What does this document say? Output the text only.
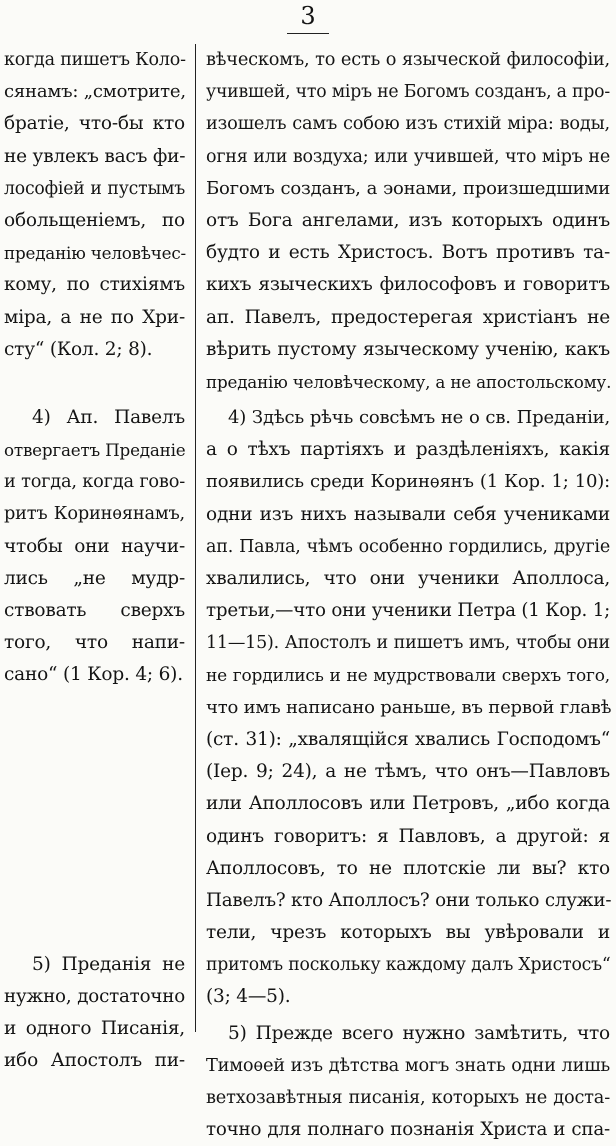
3
когда пишетъ Коло-
сянамъ: „смотрите,
братіе, что-бы кто
не увлекъ васъ фи-
лософіей и пустымъ
обольщеніемъ, по
преданію человѣчес-
кому, по стихіямъ
міра, а не по Хри-
сту“ (Кол. 2; 8).
4) Ап. Павелъ
отвергаетъ Преданіе
и тогда, когда гово-
ритъ Коринѳянамъ,
чтобы они научи-
лись „не мудр-
ствовать сверхъ
того, что напи-
сано“ (1 Кор. 4; 6).
5) Преданія не
нужно, достаточно
и одного Писанія,
ибо Апостолъ пи-
вѣческомъ, то есть о языческой философіи,
учившей, что міръ не Богомъ созданъ, а про-
изошелъ самъ собою изъ стихій міра: воды,
огня или воздуха; или учившей, что міръ не
Богомъ созданъ, а эонами, произшедшими
отъ Бога ангелами, изъ которыхъ одинъ
будто и есть Христосъ. Вотъ противъ та-
кихъ языческихъ философовъ и говоритъ
ап. Павелъ, предостерегая христіанъ не
вѣрить пустому языческому ученію, какъ
преданію человѣческому, а не апостольскому.
4) Здѣсь рѣчь совсѣмъ не о св. Преданіи,
а о тѣхъ партіяхъ и раздѣленіяхъ, какія
появились среди Коринѳянъ (1 Кор. 1; 10):
одни изъ нихъ называли себя учениками
ап. Павла, чѣмъ особенно гордились, другіе
хвалились, что они ученики Аполлоса,
третьи,—что они ученики Петра (1 Кор. 1;
11—15). Апостолъ и пишетъ имъ, чтобы они
не гордились и не мудрствовали сверхъ того,
что имъ написано раньше, въ первой главѣ
(ст. 31): „хвалящійся хвались Господомъ“
(Іер. 9; 24), а не тѣмъ, что онъ—Павловъ
или Аполлосовъ или Петровъ, „ибо когда
одинъ говоритъ: я Павловъ, а другой: я
Аполлосовъ, то не плотскіе ли вы? кто
Павелъ? кто Аполлосъ? они только служи-
тели, чрезъ которыхъ вы увѣровали и
притомъ поскольку каждому далъ Христосъ“
(3; 4—5).
5) Прежде всего нужно замѣтить, что
Тимоѳей изъ дѣтства могъ знать одни лишь
ветхозавѣтныя писанія, которыхъ не доста-
точно для полнаго познанія Христа и спа-
